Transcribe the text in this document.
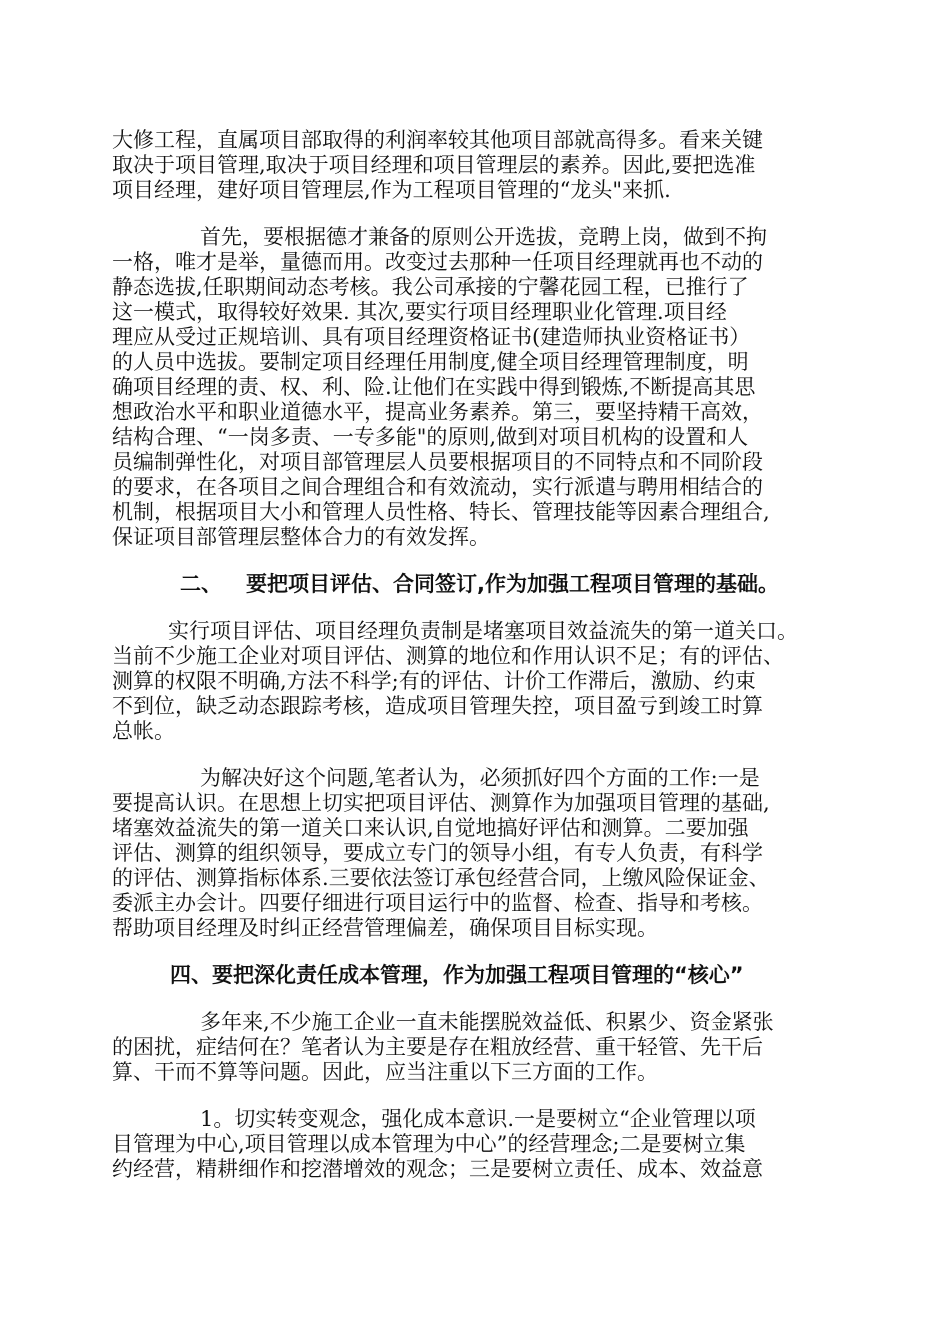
大修工程，直属项目部取得的利润率较其他项目部就高得多。看来关键
取决于项目管理,取决于项目经理和项目管理层的素养。因此,要把选准
项目经理，建好项目管理层,作为工程项目管理的“龙头"来抓.
首先，要根据德才兼备的原则公开选拔，竞聘上岗，做到不拘
一格，唯才是举，量德而用。改变过去那种一任项目经理就再也不动的
静态选拔,任职期间动态考核。我公司承接的宁馨花园工程，已推行了
这一模式，取得较好效果. 其次,要实行项目经理职业化管理.项目经
理应从受过正规培训、具有项目经理资格证书(建造师执业资格证书）
的人员中选拔。要制定项目经理任用制度,健全项目经理管理制度，明
确项目经理的责、权、利、险.让他们在实践中得到锻炼,不断提高其思
想政治水平和职业道德水平，提高业务素养。第三，要坚持精干高效，
结构合理、“一岗多责、一专多能"的原则,做到对项目机构的设置和人
员编制弹性化，对项目部管理层人员要根据项目的不同特点和不同阶段
的要求，在各项目之间合理组合和有效流动，实行派遣与聘用相结合的
机制，根据项目大小和管理人员性格、特长、管理技能等因素合理组合,
保证项目部管理层整体合力的有效发挥。
二、 要把项目评估、合同签订,作为加强工程项目管理的基础。
实行项目评估、项目经理负责制是堵塞项目效益流失的第一道关口。
当前不少施工企业对项目评估、测算的地位和作用认识不足；有的评估、
测算的权限不明确,方法不科学;有的评估、计价工作滞后，激励、约束
不到位，缺乏动态跟踪考核，造成项目管理失控，项目盈亏到竣工时算
总帐。
为解决好这个问题,笔者认为，必须抓好四个方面的工作:一是
要提高认识。在思想上切实把项目评估、测算作为加强项目管理的基础,
堵塞效益流失的第一道关口来认识,自觉地搞好评估和测算。二要加强
评估、测算的组织领导，要成立专门的领导小组，有专人负责，有科学
的评估、测算指标体系.三要依法签订承包经营合同，上缴风险保证金、
委派主办会计。四要仔细进行项目运行中的监督、检查、指导和考核。
帮助项目经理及时纠正经营管理偏差，确保项目目标实现。
四、要把深化责任成本管理，作为加强工程项目管理的“核心”
多年来,不少施工企业一直未能摆脱效益低、积累少、资金紧张
的困扰，症结何在？笔者认为主要是存在粗放经营、重干轻管、先干后
算、干而不算等问题。因此，应当注重以下三方面的工作。
1。切实转变观念，强化成本意识.一是要树立“企业管理以项
目管理为中心,项目管理以成本管理为中心”的经营理念;二是要树立集
约经营，精耕细作和挖潜增效的观念；三是要树立责任、成本、效益意
